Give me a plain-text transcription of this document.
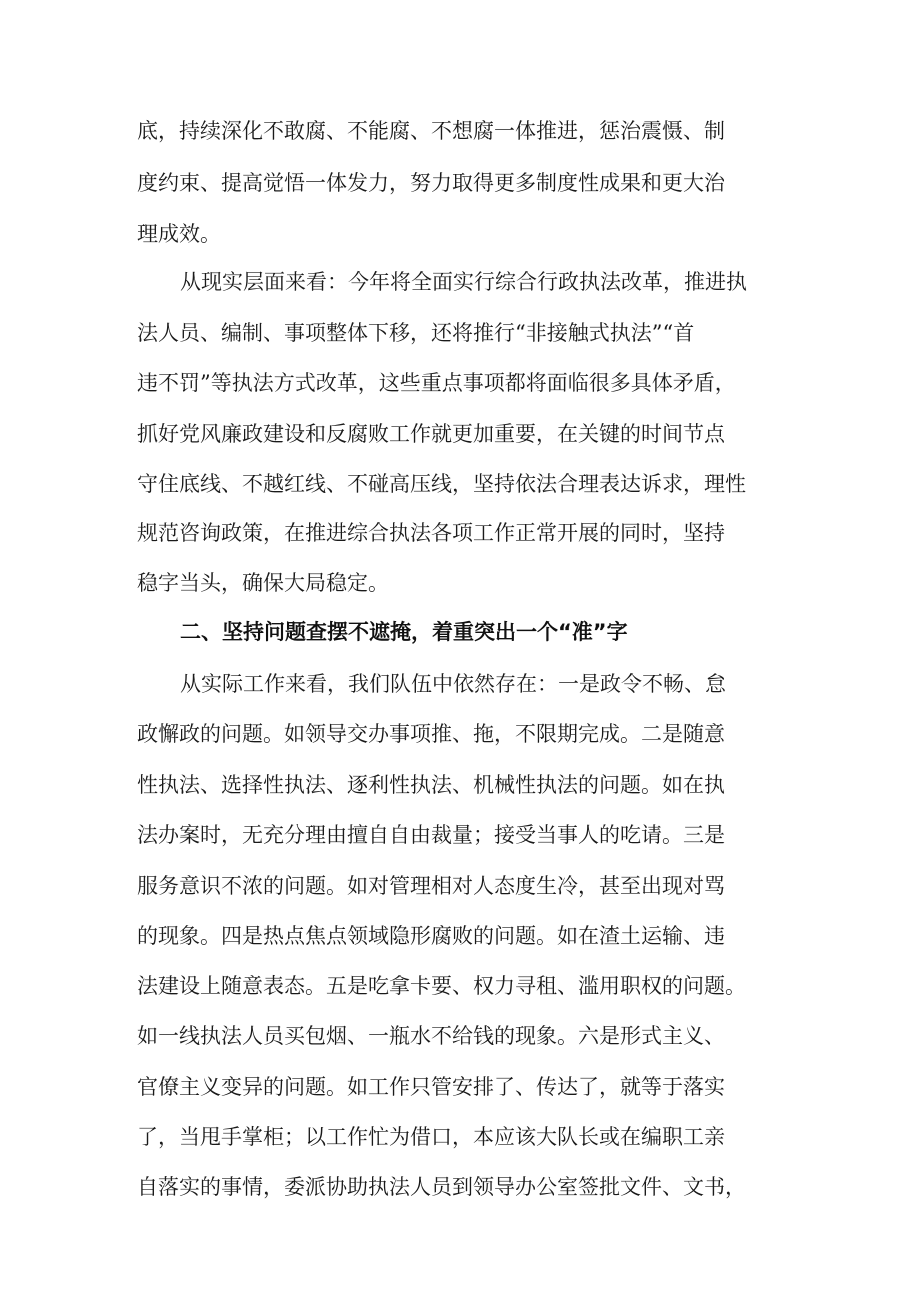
底，持续深化不敢腐、不能腐、不想腐一体推进，惩治震慑、制
度约束、提高觉悟一体发力，努力取得更多制度性成果和更大治
理成效。
从现实层面来看：今年将全面实行综合行政执法改革，推进执
法人员、编制、事项整体下移，还将推行“非接触式执法”“首
违不罚”等执法方式改革，这些重点事项都将面临很多具体矛盾，
抓好党风廉政建设和反腐败工作就更加重要，在关键的时间节点
守住底线、不越红线、不碰高压线，坚持依法合理表达诉求，理性
规范咨询政策，在推进综合执法各项工作正常开展的同时，坚持
稳字当头，确保大局稳定。
二、坚持问题查摆不遮掩，着重突出一个“准”字
从实际工作来看，我们队伍中依然存在：一是政令不畅、怠
政懈政的问题。如领导交办事项推、拖，不限期完成。二是随意
性执法、选择性执法、逐利性执法、机械性执法的问题。如在执
法办案时，无充分理由擅自自由裁量；接受当事人的吃请。三是
服务意识不浓的问题。如对管理相对人态度生冷，甚至出现对骂
的现象。四是热点焦点领域隐形腐败的问题。如在渣土运输、违
法建设上随意表态。五是吃拿卡要、权力寻租、滥用职权的问题。
如一线执法人员买包烟、一瓶水不给钱的现象。六是形式主义、
官僚主义变异的问题。如工作只管安排了、传达了，就等于落实
了，当甩手掌柜；以工作忙为借口，本应该大队长或在编职工亲
自落实的事情，委派协助执法人员到领导办公室签批文件、文书，
